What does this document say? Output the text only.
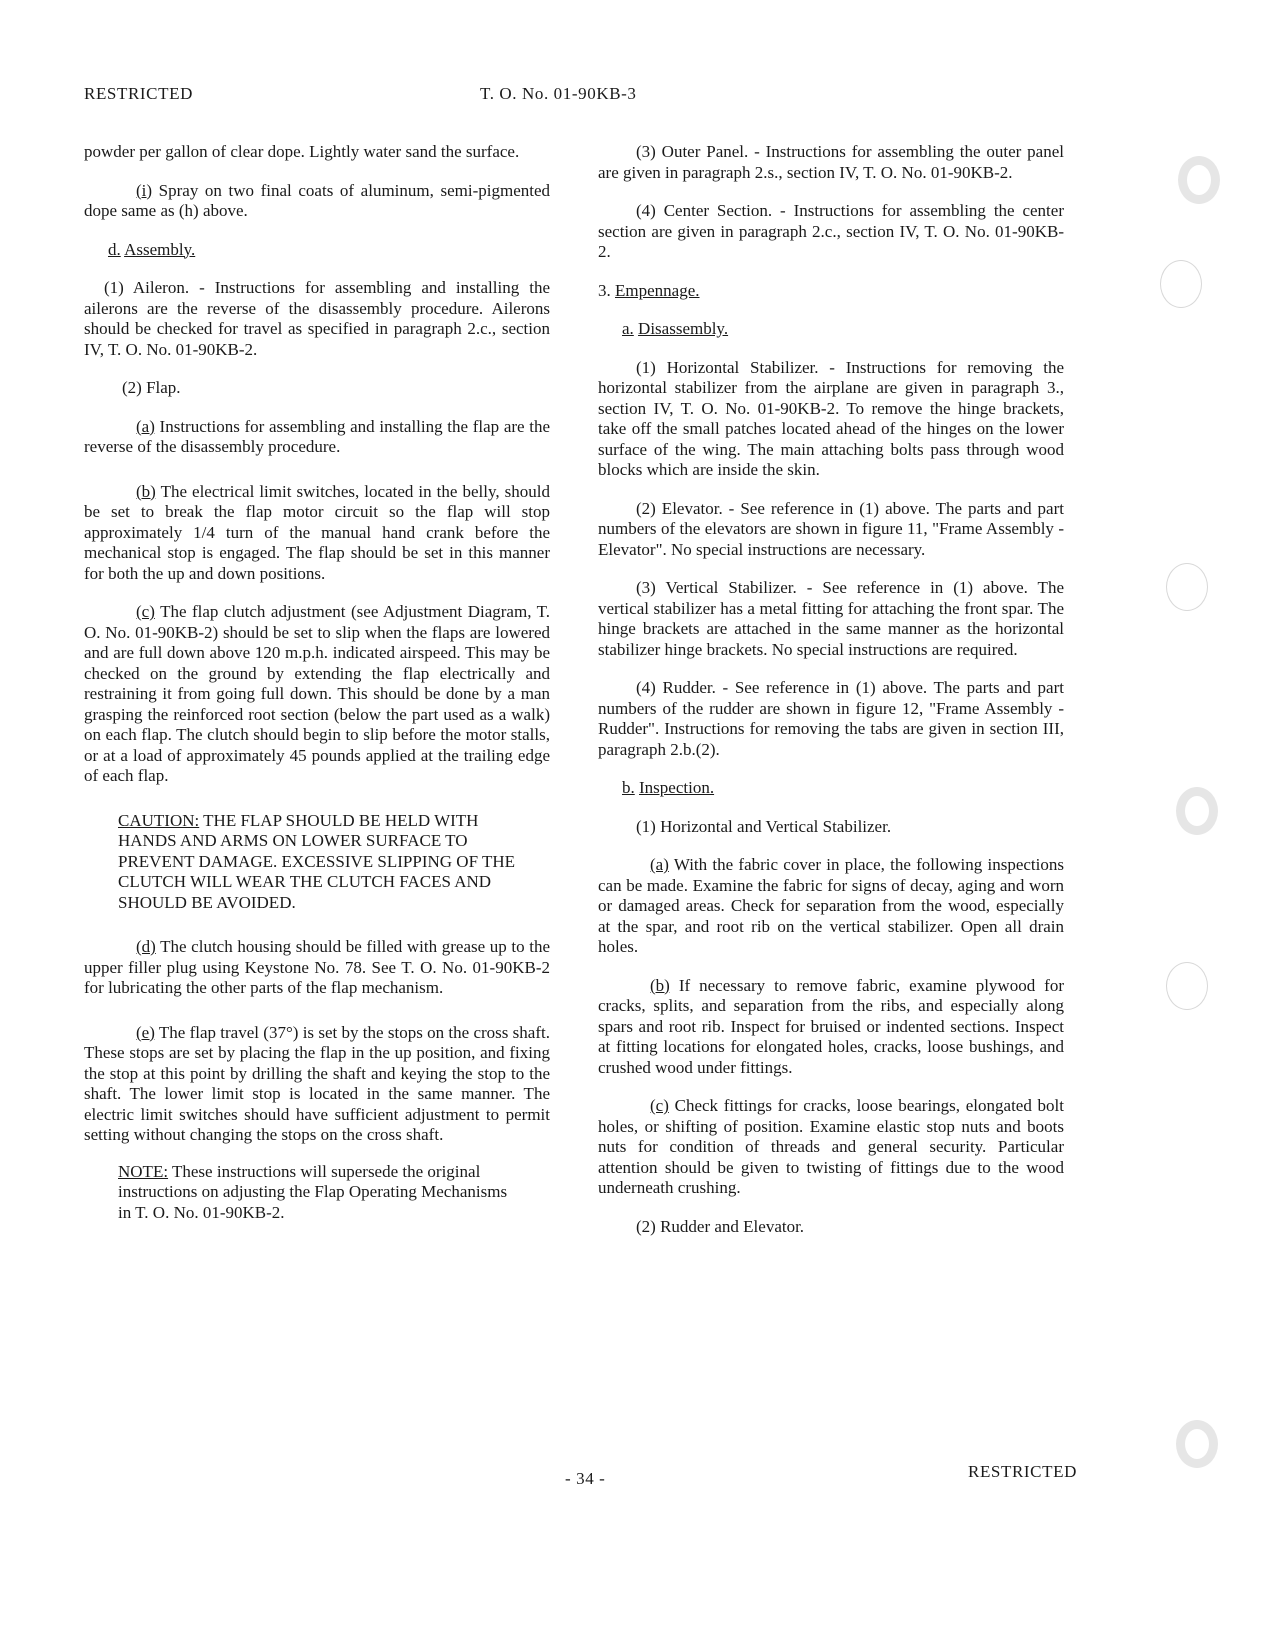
RESTRICTED	T. O. No. 01-90KB-3

powder per gallon of clear dope. Lightly water sand the surface.

(i) Spray on two final coats of aluminum, semi-pigmented dope same as (h) above.

d. Assembly.

(1) Aileron. - Instructions for assembling and installing the ailerons are the reverse of the disassembly procedure. Ailerons should be checked for travel as specified in paragraph 2.c., section IV, T. O. No. 01-90KB-2.

(2) Flap.

(a) Instructions for assembling and installing the flap are the reverse of the disassembly procedure.

(b) The electrical limit switches, located in the belly, should be set to break the flap motor circuit so the flap will stop approximately 1/4 turn of the manual hand crank before the mechanical stop is engaged. The flap should be set in this manner for both the up and down positions.

(c) The flap clutch adjustment (see Adjustment Diagram, T. O. No. 01-90KB-2) should be set to slip when the flaps are lowered and are full down above 120 m.p.h. indicated airspeed. This may be checked on the ground by extending the flap electrically and restraining it from going full down. This should be done by a man grasping the reinforced root section (below the part used as a walk) on each flap. The clutch should begin to slip before the motor stalls, or at a load of approximately 45 pounds applied at the trailing edge of each flap.

CAUTION: THE FLAP SHOULD BE HELD WITH HANDS AND ARMS ON LOWER SURFACE TO PREVENT DAMAGE. EXCESSIVE SLIPPING OF THE CLUTCH WILL WEAR THE CLUTCH FACES AND SHOULD BE AVOIDED.

(d) The clutch housing should be filled with grease up to the upper filler plug using Keystone No. 78. See T. O. No. 01-90KB-2 for lubricating the other parts of the flap mechanism.

(e) The flap travel (37°) is set by the stops on the cross shaft. These stops are set by placing the flap in the up position, and fixing the stop at this point by drilling the shaft and keying the stop to the shaft. The lower limit stop is located in the same manner. The electric limit switches should have sufficient adjustment to permit setting without changing the stops on the cross shaft.

NOTE: These instructions will supersede the original instructions on adjusting the Flap Operating Mechanisms in T. O. No. 01-90KB-2.

(3) Outer Panel. - Instructions for assembling the outer panel are given in paragraph 2.s., section IV, T. O. No. 01-90KB-2.

(4) Center Section. - Instructions for assembling the center section are given in paragraph 2.c., section IV, T. O. No. 01-90KB-2.

3. Empennage.

a. Disassembly.

(1) Horizontal Stabilizer. - Instructions for removing the horizontal stabilizer from the airplane are given in paragraph 3., section IV, T. O. No. 01-90KB-2. To remove the hinge brackets, take off the small patches located ahead of the hinges on the lower surface of the wing. The main attaching bolts pass through wood blocks which are inside the skin.

(2) Elevator. - See reference in (1) above. The parts and part numbers of the elevators are shown in figure 11, "Frame Assembly - Elevator". No special instructions are necessary.

(3) Vertical Stabilizer. - See reference in (1) above. The vertical stabilizer has a metal fitting for attaching the front spar. The hinge brackets are attached in the same manner as the horizontal stabilizer hinge brackets. No special instructions are required.

(4) Rudder. - See reference in (1) above. The parts and part numbers of the rudder are shown in figure 12, "Frame Assembly - Rudder". Instructions for removing the tabs are given in section III, paragraph 2.b.(2).

b. Inspection.

(1) Horizontal and Vertical Stabilizer.

(a) With the fabric cover in place, the following inspections can be made. Examine the fabric for signs of decay, aging and worn or damaged areas. Check for separation from the wood, especially at the spar, and root rib on the vertical stabilizer. Open all drain holes.

(b) If necessary to remove fabric, examine plywood for cracks, splits, and separation from the ribs, and especially along spars and root rib. Inspect for bruised or indented sections. Inspect at fitting locations for elongated holes, cracks, loose bushings, and crushed wood under fittings.

(c) Check fittings for cracks, loose bearings, elongated bolt holes, or shifting of position. Examine elastic stop nuts and boots nuts for condition of threads and general security. Particular attention should be given to twisting of fittings due to the wood underneath crushing.

(2) Rudder and Elevator.

- 34 -	RESTRICTED
